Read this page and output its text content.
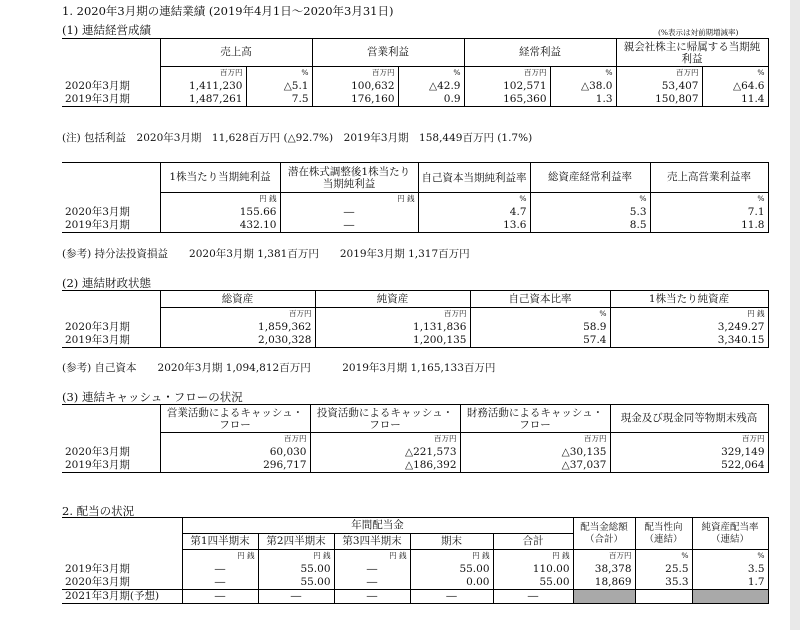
1. 2020年3月期の連結業績 (2019年4月1日～2020年3月31日)
(1) 連結経営成績	(%表示は対前期増減率)
	売上高		営業利益		経常利益		親会社株主に帰属する当期純利益	
	百万円	%	百万円	%	百万円	%	百万円	%
2020年3月期	1,411,230	△5.1	100,632	△42.9	102,571	△38.0	53,407	△64.6
2019年3月期	1,487,261	7.5	176,160	0.9	165,360	1.3	150,807	11.4
(注) 包括利益　2020年3月期　11,628百万円 (△92.7%)　2019年3月期　158,449百万円 (1.7%)
	1株当たり当期純利益	潜在株式調整後1株当たり当期純利益	自己資本当期純利益率	総資産経常利益率	売上高営業利益率
	円 銭	円 銭	%	%	%
2020年3月期	155.66	―	4.7	5.3	7.1
2019年3月期	432.10	―	13.6	8.5	11.8
(参考) 持分法投資損益　　2020年3月期 1,381百万円　　2019年3月期 1,317百万円
(2) 連結財政状態
	総資産	純資産	自己資本比率	1株当たり純資産
	百万円	百万円	%	円 銭
2020年3月期	1,859,362	1,131,836	58.9	3,249.27
2019年3月期	2,030,328	1,200,135	57.4	3,340.15
(参考) 自己資本　　2020年3月期 1,094,812百万円　　　2019年3月期 1,165,133百万円
(3) 連結キャッシュ・フローの状況
	営業活動によるキャッシュ・フロー	投資活動によるキャッシュ・フロー	財務活動によるキャッシュ・フロー	現金及び現金同等物期末残高
	百万円	百万円	百万円	百万円
2020年3月期	60,030	△221,573	△30,135	329,149
2019年3月期	296,717	△186,392	△37,037	522,064
2. 配当の状況
	年間配当金					配当金総額（合計）	配当性向（連結）	純資産配当率（連結）
	第1四半期末	第2四半期末	第3四半期末	期末	合計			
	円 銭	円 銭	円 銭	円 銭	円 銭	百万円	%	%
2019年3月期	―	55.00	―	55.00	110.00	38,378	25.5	3.5
2020年3月期	―	55.00	―	0.00	55.00	18,869	35.3	1.7
2021年3月期(予想)	―	―	―	―	―			
